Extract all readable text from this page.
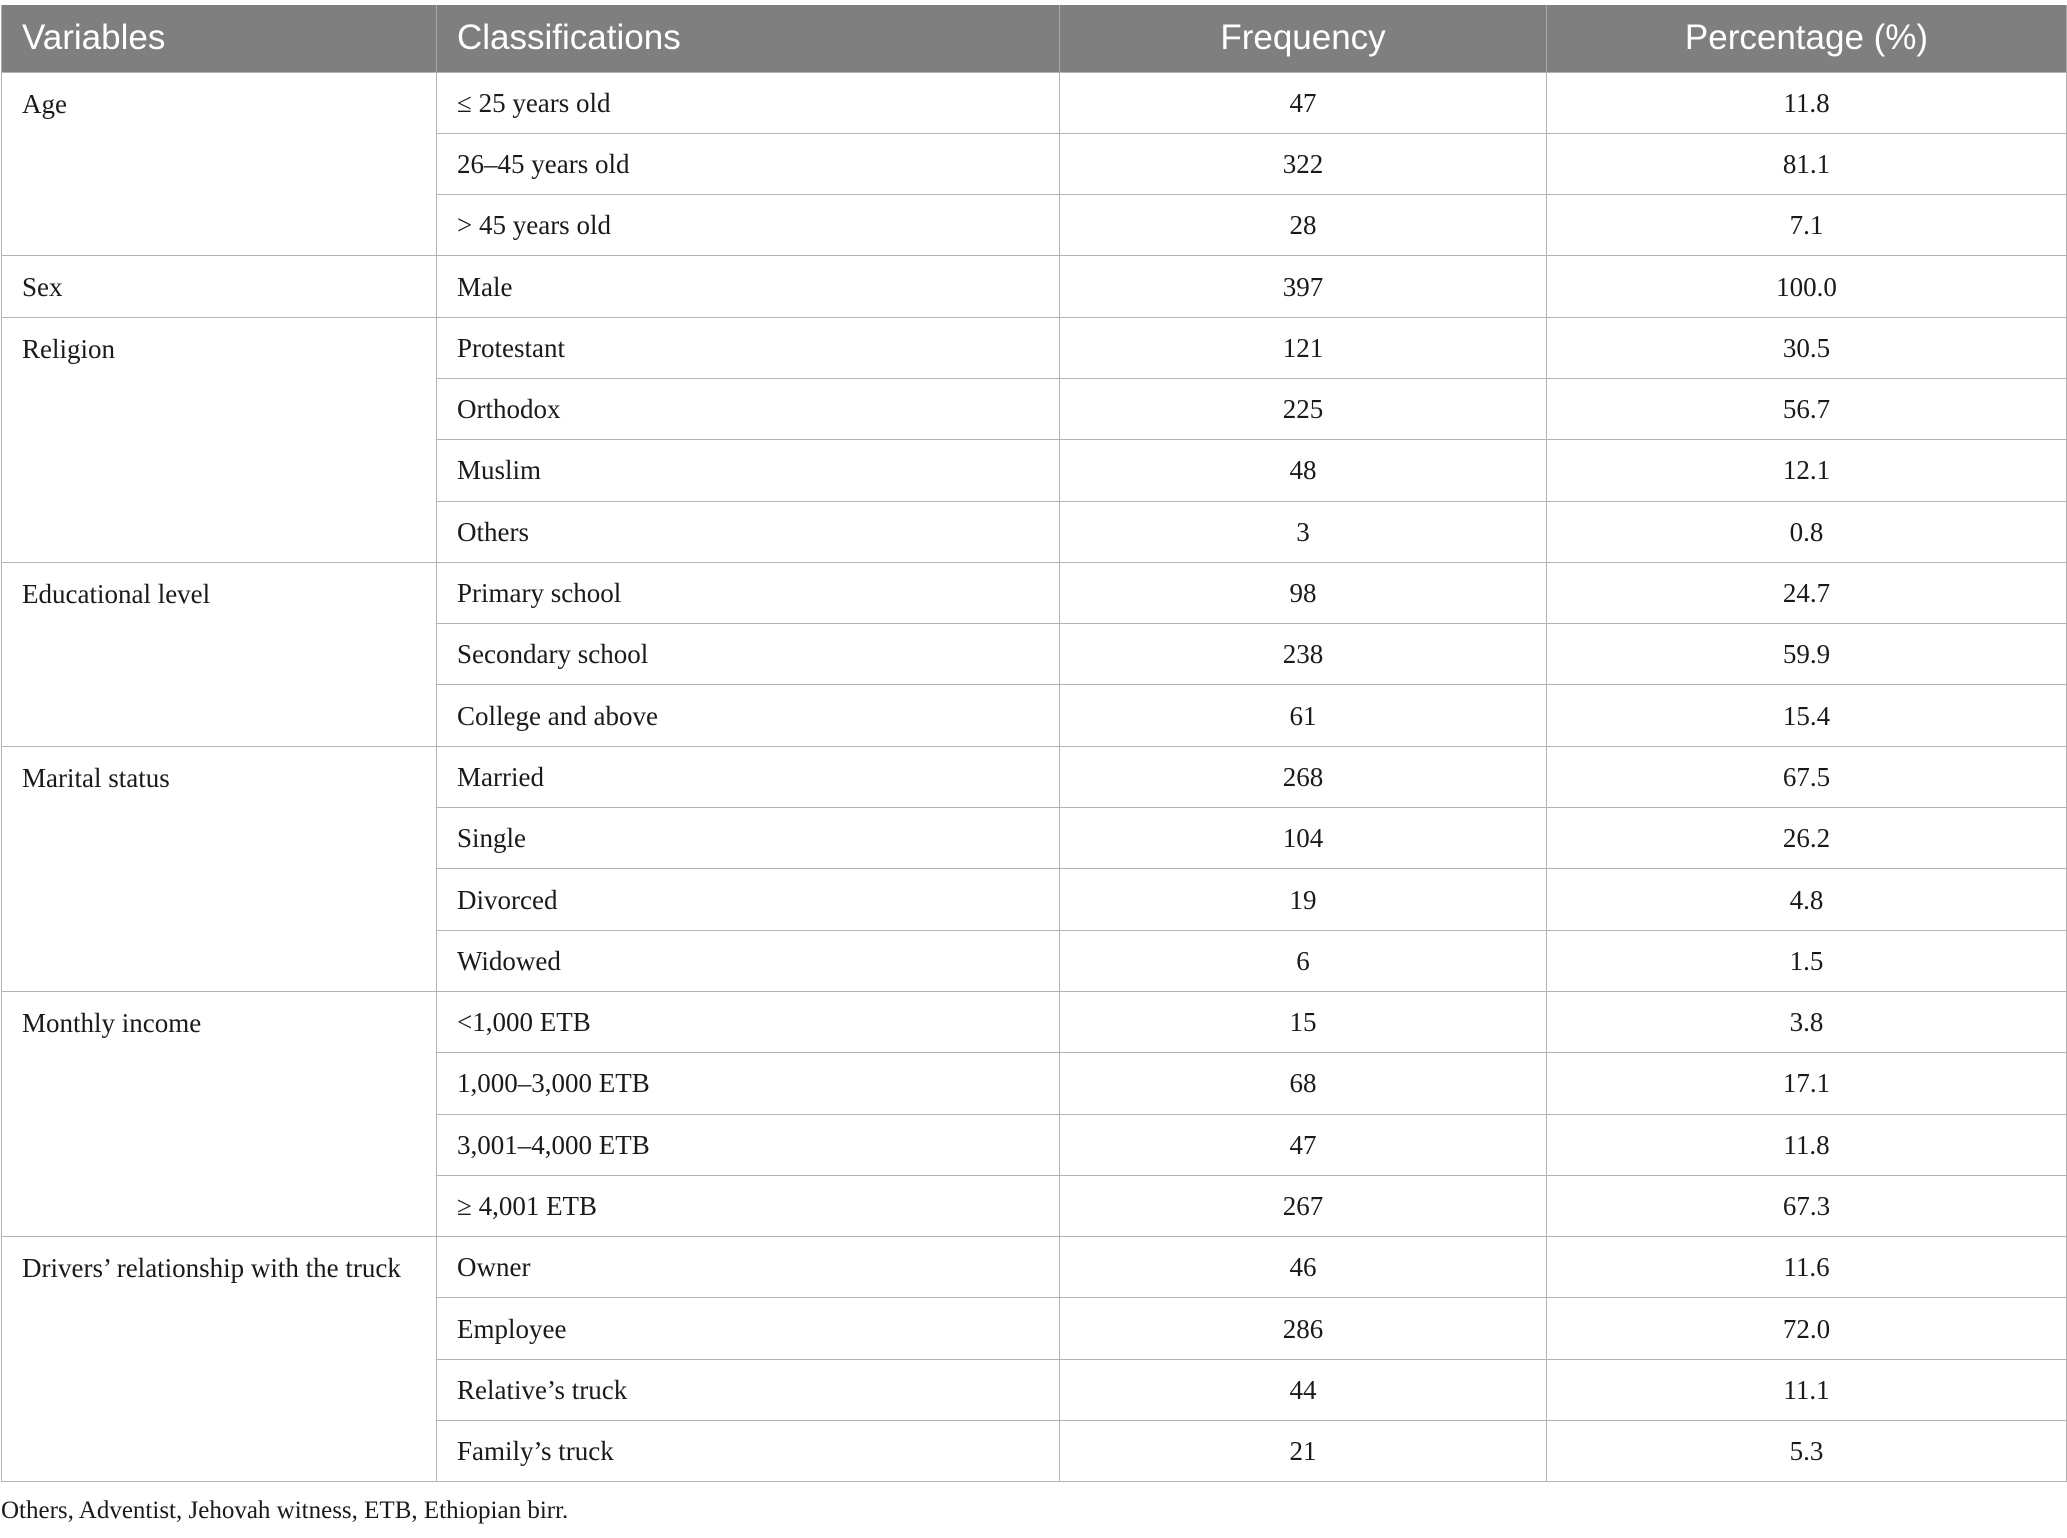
Variables	Classifications	Frequency	Percentage (%)
Age	≤ 25 years old	47	11.8
	26–45 years old	322	81.1
	> 45 years old	28	7.1
Sex	Male	397	100.0
Religion	Protestant	121	30.5
	Orthodox	225	56.7
	Muslim	48	12.1
	Others	3	0.8
Educational level	Primary school	98	24.7
	Secondary school	238	59.9
	College and above	61	15.4
Marital status	Married	268	67.5
	Single	104	26.2
	Divorced	19	4.8
	Widowed	6	1.5
Monthly income	<1,000 ETB	15	3.8
	1,000–3,000 ETB	68	17.1
	3,001–4,000 ETB	47	11.8
	≥ 4,001 ETB	267	67.3
Drivers’ relationship with the truck	Owner	46	11.6
	Employee	286	72.0
	Relative’s truck	44	11.1
	Family’s truck	21	5.3
Others, Adventist, Jehovah witness, ETB, Ethiopian birr.
